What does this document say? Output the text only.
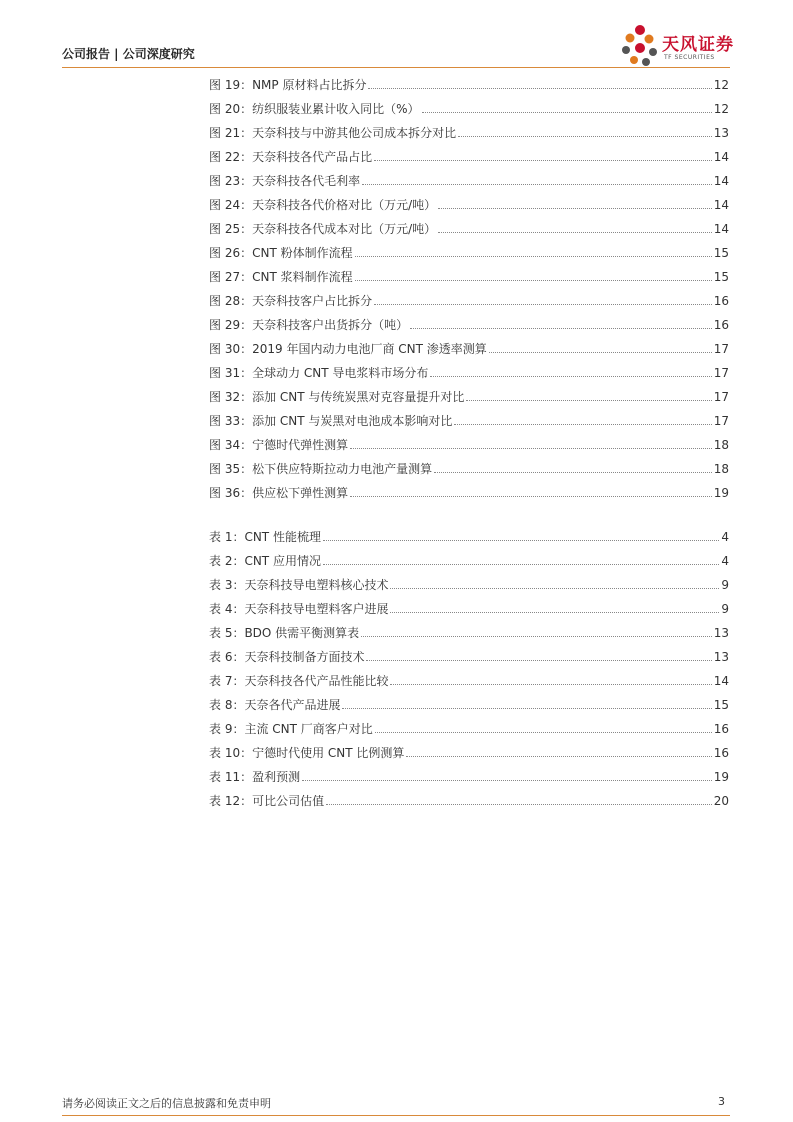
公司报告 | 公司深度研究	天风证券
TF SECURITIES
图 19：NMP 原材料占比拆分	12
图 20：纺织服装业累计收入同比（%）	12
图 21：天奈科技与中游其他公司成本拆分对比	13
图 22：天奈科技各代产品占比	14
图 23：天奈科技各代毛利率	14
图 24：天奈科技各代价格对比（万元/吨）	14
图 25：天奈科技各代成本对比（万元/吨）	14
图 26：CNT 粉体制作流程	15
图 27：CNT 浆料制作流程	15
图 28：天奈科技客户占比拆分	16
图 29：天奈科技客户出货拆分（吨）	16
图 30：2019 年国内动力电池厂商 CNT 渗透率测算	17
图 31：全球动力 CNT 导电浆料市场分布	17
图 32：添加 CNT 与传统炭黑对克容量提升对比	17
图 33：添加 CNT 与炭黑对电池成本影响对比	17
图 34：宁德时代弹性测算	18
图 35：松下供应特斯拉动力电池产量测算	18
图 36：供应松下弹性测算	19
表 1：CNT 性能梳理	4
表 2：CNT 应用情况	4
表 3：天奈科技导电塑料核心技术	9
表 4：天奈科技导电塑料客户进展	9
表 5：BDO 供需平衡测算表	13
表 6：天奈科技制备方面技术	13
表 7：天奈科技各代产品性能比较	14
表 8：天奈各代产品进展	15
表 9：主流 CNT 厂商客户对比	16
表 10：宁德时代使用 CNT 比例测算	16
表 11：盈利预测	19
表 12：可比公司估值	20
请务必阅读正文之后的信息披露和免责申明	3
